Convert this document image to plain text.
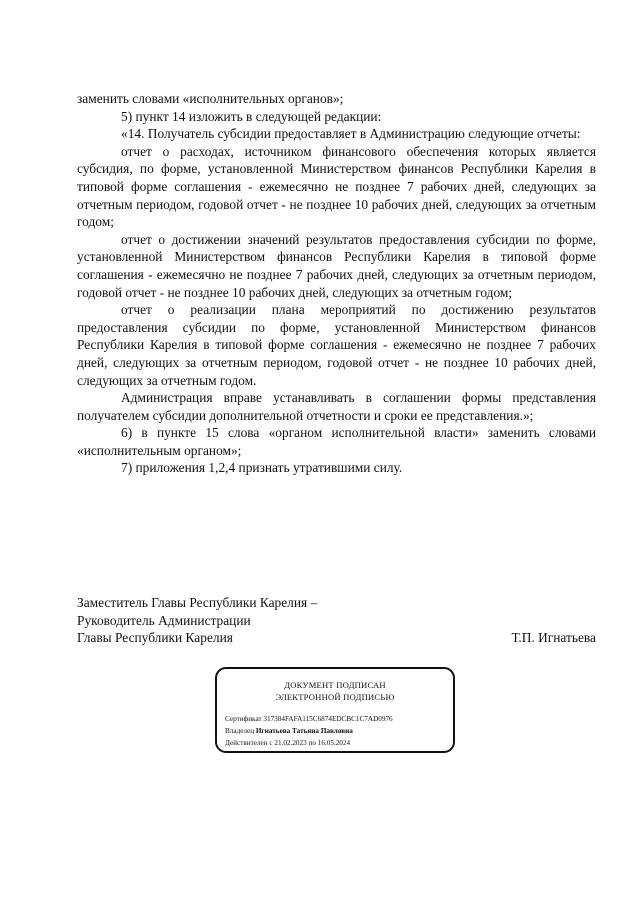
заменить словами «исполнительных органов»;

5) пункт 14 изложить в следующей редакции:

«14. Получатель субсидии предоставляет в Администрацию следующие отчеты:

отчет о расходах, источником финансового обеспечения которых является субсидия, по форме, установленной Министерством финансов Республики Карелия в типовой форме соглашения - ежемесячно не позднее 7 рабочих дней, следующих за отчетным периодом, годовой отчет - не позднее 10 рабочих дней, следующих за отчетным годом;

отчет о достижении значений результатов предоставления субсидии по форме, установленной Министерством финансов Республики Карелия в типовой форме соглашения - ежемесячно не позднее 7 рабочих дней, следующих за отчетным периодом, годовой отчет - не позднее 10 рабочих дней, следующих за отчетным годом;

отчет о реализации плана мероприятий по достижению результатов предоставления субсидии по форме, установленной Министерством финансов Республики Карелия в типовой форме соглашения - ежемесячно не позднее 7 рабочих дней, следующих за отчетным периодом, годовой отчет - не позднее 10 рабочих дней, следующих за отчетным годом.

Администрация вправе устанавливать в соглашении формы представления получателем субсидии дополнительной отчетности и сроки ее представления.»;

6) в пункте 15 слова «органом исполнительной власти» заменить словами «исполнительным органом»;

7) приложения 1,2,4 признать утратившими силу.

Заместитель Главы Республики Карелия –
Руководитель Администрации
Главы Республики Карелия	Т.П. Игнатьева
ДОКУМЕНТ ПОДПИСАН
ЭЛЕКТРОННОЙ ПОДПИСЬЮ
Сертификат 317384FAFA115C6874EDCBC1C7AD0976
Владелец Игнатьева Татьяна Павловна
Действителен с 21.02.2023 по 16.05.2024
